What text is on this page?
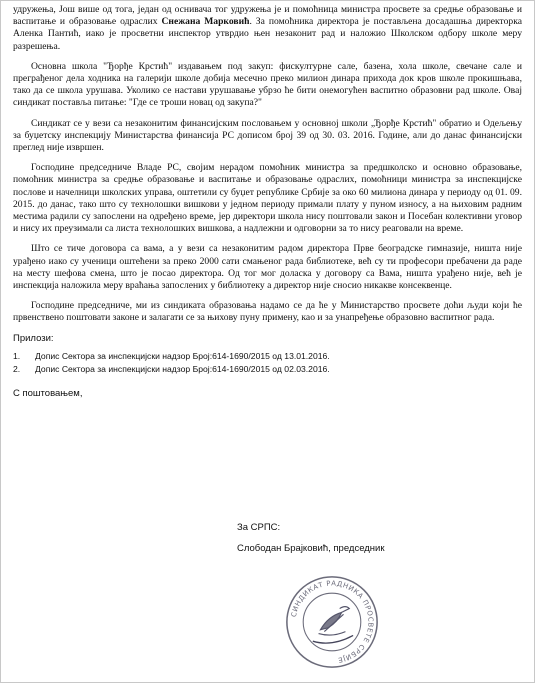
удружења, Још више од тога, један од оснивача тог удружења је и помоћница министра просвете за средње образовање и васпитање и образовање одраслих Снежана Марковић. За помоћника директора је постављена досадашња директорка Аленка Пантић, иако је просветни инспектор утврдио њен незаконит рад и наложио Школском одбору школе меру разрешења.

Основна школа "Ђорђе Крстић" издавањем под закуп: фискултурне сале, базена, хола школе, свечане сале и преграђеног дела ходника на галерији школе добија месечно преко милион динара прихода док кров школе прокишњава, тако да се школа урушава. Уколико се настави урушавање убрзо ће бити онемогућен васпитно образовни рад школе. Овај синдикат поставља питање: "Где се троши новац од закупа?"

Синдикат се у вези са незаконитим финансијским пословањем у основној школи „Ђорђе Крстић" обратио и Одељењу за буџетску инспекцију Министарства финансија РС дописом број 39 од 30. 03. 2016. Године, али до данас финансијски преглед није извршен.

Господине председниче Владе РС, својим нерадом помоћник министра за предшколско и основно образовање, помоћник министра за средње образовање и васпитање и образовање одраслих, помоћници министра за инспекцијске послове и начелници школских управа, оштетили су буџет републике Србије за око 60 милиона динара у периоду од 01. 09. 2015. до данас, тако што су технолошки вишкови у једном периоду примали плату у пуном износу, а на њиховим радним местима радили су запослени на одређено време, јер директори школа нису поштовали закон и Посебан колективни уговор и нису их преузимали са листа технолошких вишкова, а надлежни и одговорни за то нису реаговали на време.

Што се тиче договора са вама, а у вези са незаконитим радом директора Прве београдске гимназије, ништа није урађено иако су ученици оштећени за преко 2000 сати смањеног рада библиотеке, већ су ти професори пребачени да раде на месту шефова смена, што је посао директора. Од тог мог доласка у договору са Вама, ништа урађено није, већ је инспекција наложила меру враћања запослених у библиотеку а директор није сносио никакве консеквенце.

Господине председниче, ми из синдиката образовања надамо се да ће у Министарство просвете доћи људи који ће првенствено поштовати законе и залагати се за њихову пуну примену, као и за унапређење образовно васпитног рада.

Прилози:
1.	Допис Сектора за инспекцијски надзор Број:614-1690/2015 од 13.01.2016.
2.	Допис Сектора за инспекцијски надзор Број:614-1690/2015 од 02.03.2016.
С поштовањем,
За СРПС:
Слободан Брајковић, председник
СИНДИКАТ РАДНИКА ПРОСВЕТЕ СРБИЈЕ
